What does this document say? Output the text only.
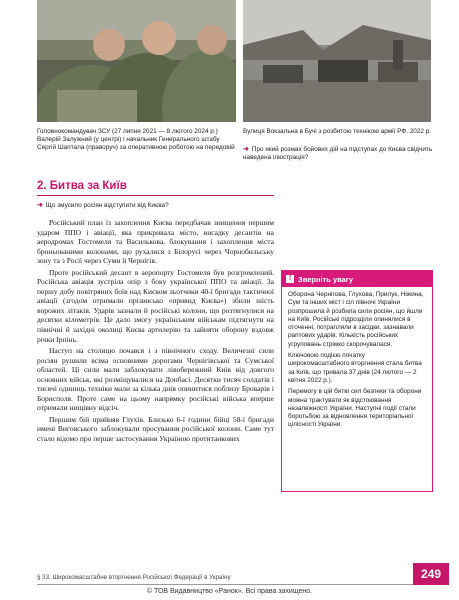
Головнокомандувач ЗСУ (27 липня 2021 — 8 лютого 2024 р.) Валерій Залужний (у центрі) і начальник Генерального штабу Сергій Шаптала (праворуч) за оперативною роботою на передовій
Вулиця Вокзальна в Бучі з розбитою технікою армії РФ. 2022 р.
➜ Про який розмах бойових дій на підступах до Києва свідчить наведена ілюстрація?
2. Битва за Київ
➜ Що змусило росіян відступити від Києва?

Російський план із захоплення Києва передбачав знищення першим ударом ППО і авіації, яка прикривала місто, висадку десантів на аеродромах Гостомеля та Василькова, блокування і захоплення міста броньованими колонами, що рухалися з Білорусі через Чорнобильську зону та з Росії через Суми й Чернігів.

Проте російський десант в аеропорту Гостомеля був розгромлений. Російська авіація зустріла опір з боку української ППО та авіації. За першу добу повітряних боїв над Києвом льотчики 40-ї бригади тактичної авіації (згодом отримали прізвисько «привид Києва») збили шість ворожих літаків. Ударів зазнали й російські колони, що розтягнулися на десятки кілометрів. Це дало змогу українським військам підтягнути на північні й західні околиці Києва артилерію та зайняти оборону вздовж річки Ірпінь.

Наступ на столицю почався і з північного сходу. Величезні сили росіян рушили всіма основними дорогами Чернігівської та Сумської областей. Ці сили мали заблокувати лівобережний Київ від довгого основних військ, які розміщувалися на Донбасі. Десятки тисяч солдатів і тисячі одиниць техніки мали за кілька днів опинитися поблизу Броварів і Борисполя. Проте саме на цьому напрямку російські війська вперше отримали нищівну відсіч.

Першим бій прийняв Глухів. Близько 6-ї години бійці 58-ї бригади имені Виговського заблокували просування російської колони. Саме тут стало відомо про перше застосування Україною протитанкових

! Зверніть увагу

Оборона Чернігова, Глухова, Прилук, Ніжина, Сум та інших міст і сіл півночі України розпрошила й розбила сили росіян, що йшли на Київ. Російські підрозділи опинялися в оточенні, потрапляли в засідки, зазнавали раптових ударів. Кількість російських угруповань стрімко скорочувалася.

Ключовою подією початку широкомасштабного вторгнення стала битва за Київ, що тривала 37 днів (24 лютого — 2 квітня 2022 р.).

Перемогу в цій битві сил безпеки та оборони можна трактувати як відстоювання незалежності України. Наступні події стали боротьбою за відновлення територіальної цілісності України.

§ 33. Широкомасштабне вторгнення Російської Федерації в Україну	249
© ТОВ Видавництво «Ранок». Всі права захищено.
